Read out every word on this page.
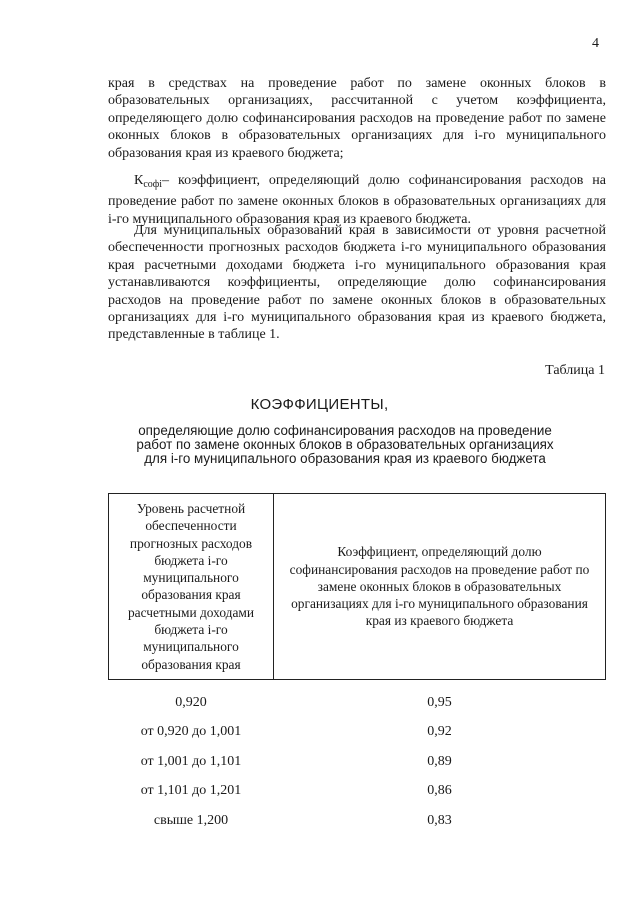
4

края в средствах на проведение работ по замене оконных блоков в образовательных организациях, рассчитанной с учетом коэффициента, определяющего долю софинансирования расходов на проведение работ по замене оконных блоков в образовательных организациях для i-го муниципального образования края из краевого бюджета;

$К_{софi}-$ коэффициент, определяющий долю софинансирования расходов на проведение работ по замене оконных блоков в образовательных организациях для i-го муниципального образования края из краевого бюджета.

Для муниципальных образований края в зависимости от уровня расчетной обеспеченности прогнозных расходов бюджета i-го муниципального образования края расчетными доходами бюджета i-го муниципального образования края устанавливаются коэффициенты, определяющие долю софинансирования расходов на проведение работ по замене оконных блоков в образовательных организациях для i-го муниципального образования края из краевого бюджета, представленные в таблице 1.

Таблица 1
КОЭФФИЦИЕНТЫ,
определяющие долю софинансирования расходов на проведение работ по замене оконных блоков в образовательных организациях для i-го муниципального образования края из краевого бюджета
Уровень расчетной обеспеченности прогнозных расходов бюджета i-го муниципального образования края расчетными доходами бюджета i-го муниципального образования края	Коэффициент, определяющий долю софинансирования расходов на проведение работ по замене оконных блоков в образовательных организациях для i-го муниципального образования края из краевого бюджета
0,920	0,95
от 0,920 до 1,001	0,92
от 1,001 до 1,101	0,89
от 1,101 до 1,201	0,86
свыше 1,200	0,83
